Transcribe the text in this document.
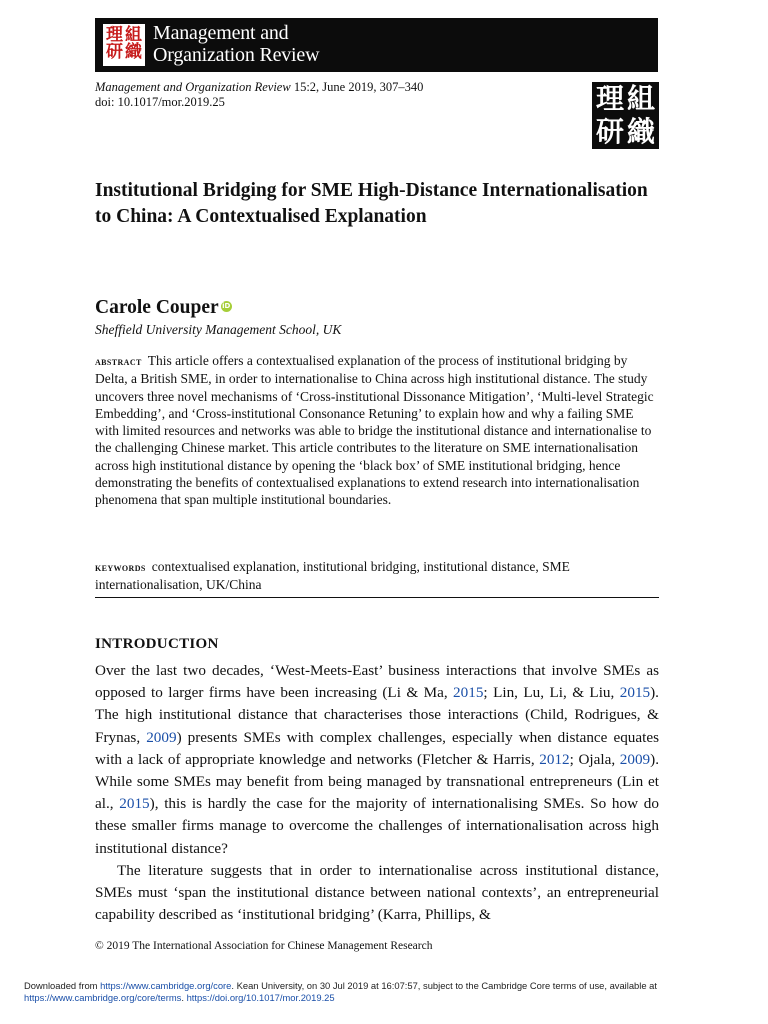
理 組
研 織
Management and
Organization Review
Management and Organization Review 15:2, June 2019, 307–340
doi: 10.1017/mor.2019.25	理 組
研 織
Institutional Bridging for SME High-Distance Internationalisation to China: A Contextualised Explanation
Carole Couper iD
Sheffield University Management School, UK
abstract This article offers a contextualised explanation of the process of institutional bridging by Delta, a British SME, in order to internationalise to China across high institutional distance. The study uncovers three novel mechanisms of ‘Cross-institutional Dissonance Mitigation’, ‘Multi-level Strategic Embedding’, and ‘Cross-institutional Consonance Retuning’ to explain how and why a failing SME with limited resources and networks was able to bridge the institutional distance and internationalise to the challenging Chinese market. This article contributes to the literature on SME internationalisation across high institutional distance by opening the ‘black box’ of SME institutional bridging, hence demonstrating the benefits of contextualised explanations to extend research into internationalisation phenomena that span multiple institutional boundaries.
keywords contextualised explanation, institutional bridging, institutional distance, SME internationalisation, UK/China
INTRODUCTION

Over the last two decades, ‘West-Meets-East’ business interactions that involve SMEs as opposed to larger firms have been increasing (Li & Ma, 2015; Lin, Lu, Li, & Liu, 2015). The high institutional distance that characterises those interactions (Child, Rodrigues, & Frynas, 2009) presents SMEs with complex challenges, especially when distance equates with a lack of appropriate knowledge and networks (Fletcher & Harris, 2012; Ojala, 2009). While some SMEs may benefit from being managed by transnational entrepreneurs (Lin et al., 2015), this is hardly the case for the majority of internationalising SMEs. So how do these smaller firms manage to overcome the challenges of internationalisation across high institutional distance?

The literature suggests that in order to internationalise across institutional distance, SMEs must ‘span the institutional distance between national contexts’, an entrepreneurial capability described as ‘institutional bridging’ (Karra, Phillips, &

© 2019 The International Association for Chinese Management Research
Downloaded from https://www.cambridge.org/core. Kean University, on 30 Jul 2019 at 16:07:57, subject to the Cambridge Core terms of use, available at
https://www.cambridge.org/core/terms. https://doi.org/10.1017/mor.2019.25
